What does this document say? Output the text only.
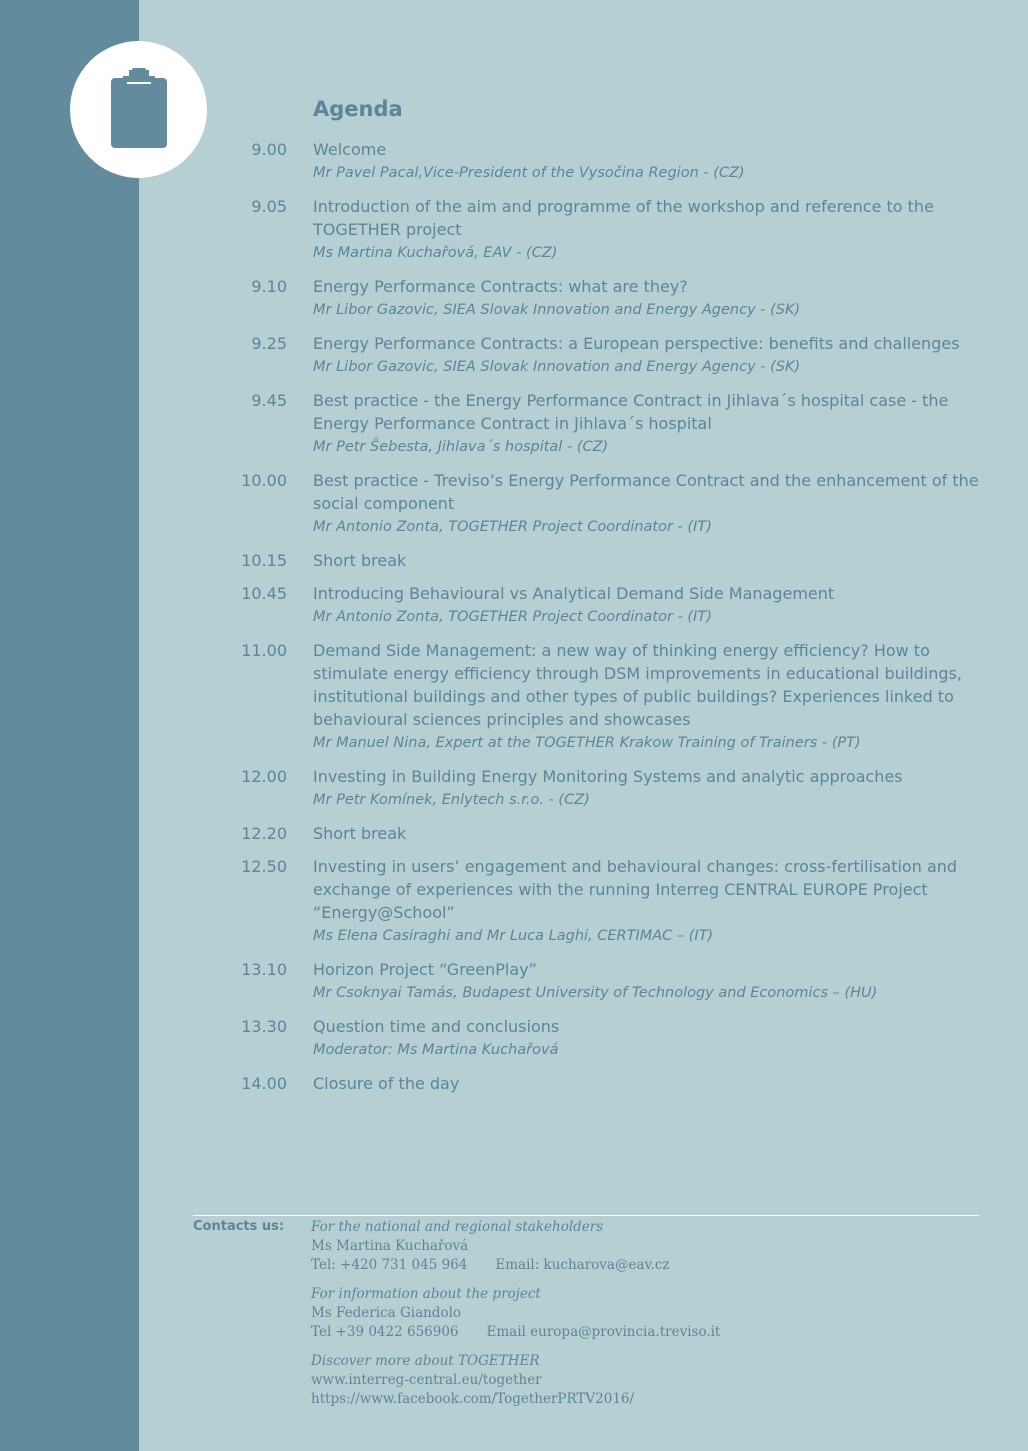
Agenda
9.00 Welcome
Mr Pavel Pacal,Vice-President of the Vysočina Region - (CZ)
9.05 Introduction of the aim and programme of the workshop and reference to the TOGETHER project
Ms Martina Kuchařová, EAV - (CZ)
9.10 Energy Performance Contracts: what are they?
Mr Libor Gazovic, SIEA Slovak Innovation and Energy Agency - (SK)
9.25 Energy Performance Contracts: a European perspective: benefits and challenges
Mr Libor Gazovic, SIEA Slovak Innovation and Energy Agency - (SK)
9.45 Best practice - the Energy Performance Contract in Jihlava´s hospital case - the Energy Performance Contract in Jihlava´s hospital
Mr Petr Ŝebesta, Jihlava´s hospital - (CZ)
10.00 Best practice - Treviso’s Energy Performance Contract and the enhancement of the social component
Mr Antonio Zonta, TOGETHER Project Coordinator - (IT)
10.15 Short break
10.45 Introducing Behavioural vs Analytical Demand Side Management
Mr Antonio Zonta, TOGETHER Project Coordinator - (IT)
11.00 Demand Side Management: a new way of thinking energy efficiency? How to stimulate energy efficiency through DSM improvements in educational buildings, institutional buildings and other types of public buildings? Experiences linked to behavioural sciences principles and showcases
Mr Manuel Nina, Expert at the TOGETHER Krakow Training of Trainers - (PT)
12.00 Investing in Building Energy Monitoring Systems and analytic approaches
Mr Petr Komínek, Enlytech s.r.o. - (CZ)
12.20 Short break
12.50 Investing in users’ engagement and behavioural changes: cross-fertilisation and exchange of experiences with the running Interreg CENTRAL EUROPE Project “Energy@School”
Ms Elena Casiraghi and Mr Luca Laghi, CERTIMAC – (IT)
13.10 Horizon Project “GreenPlay”
Mr Csoknyai Tamás, Budapest University of Technology and Economics – (HU)
13.30 Question time and conclusions
Moderator: Ms Martina Kuchařová
14.00 Closure of the day
Contacts us: For the national and regional stakeholders
Ms Martina Kuchařová
Tel: +420 731 045 964 Email: kucharova@eav.cz
For information about the project
Ms Federica Giandolo
Tel +39 0422 656906 Email europa@provincia.treviso.it
Discover more about TOGETHER
www.interreg-central.eu/together
https://www.facebook.com/TogetherPRTV2016/
